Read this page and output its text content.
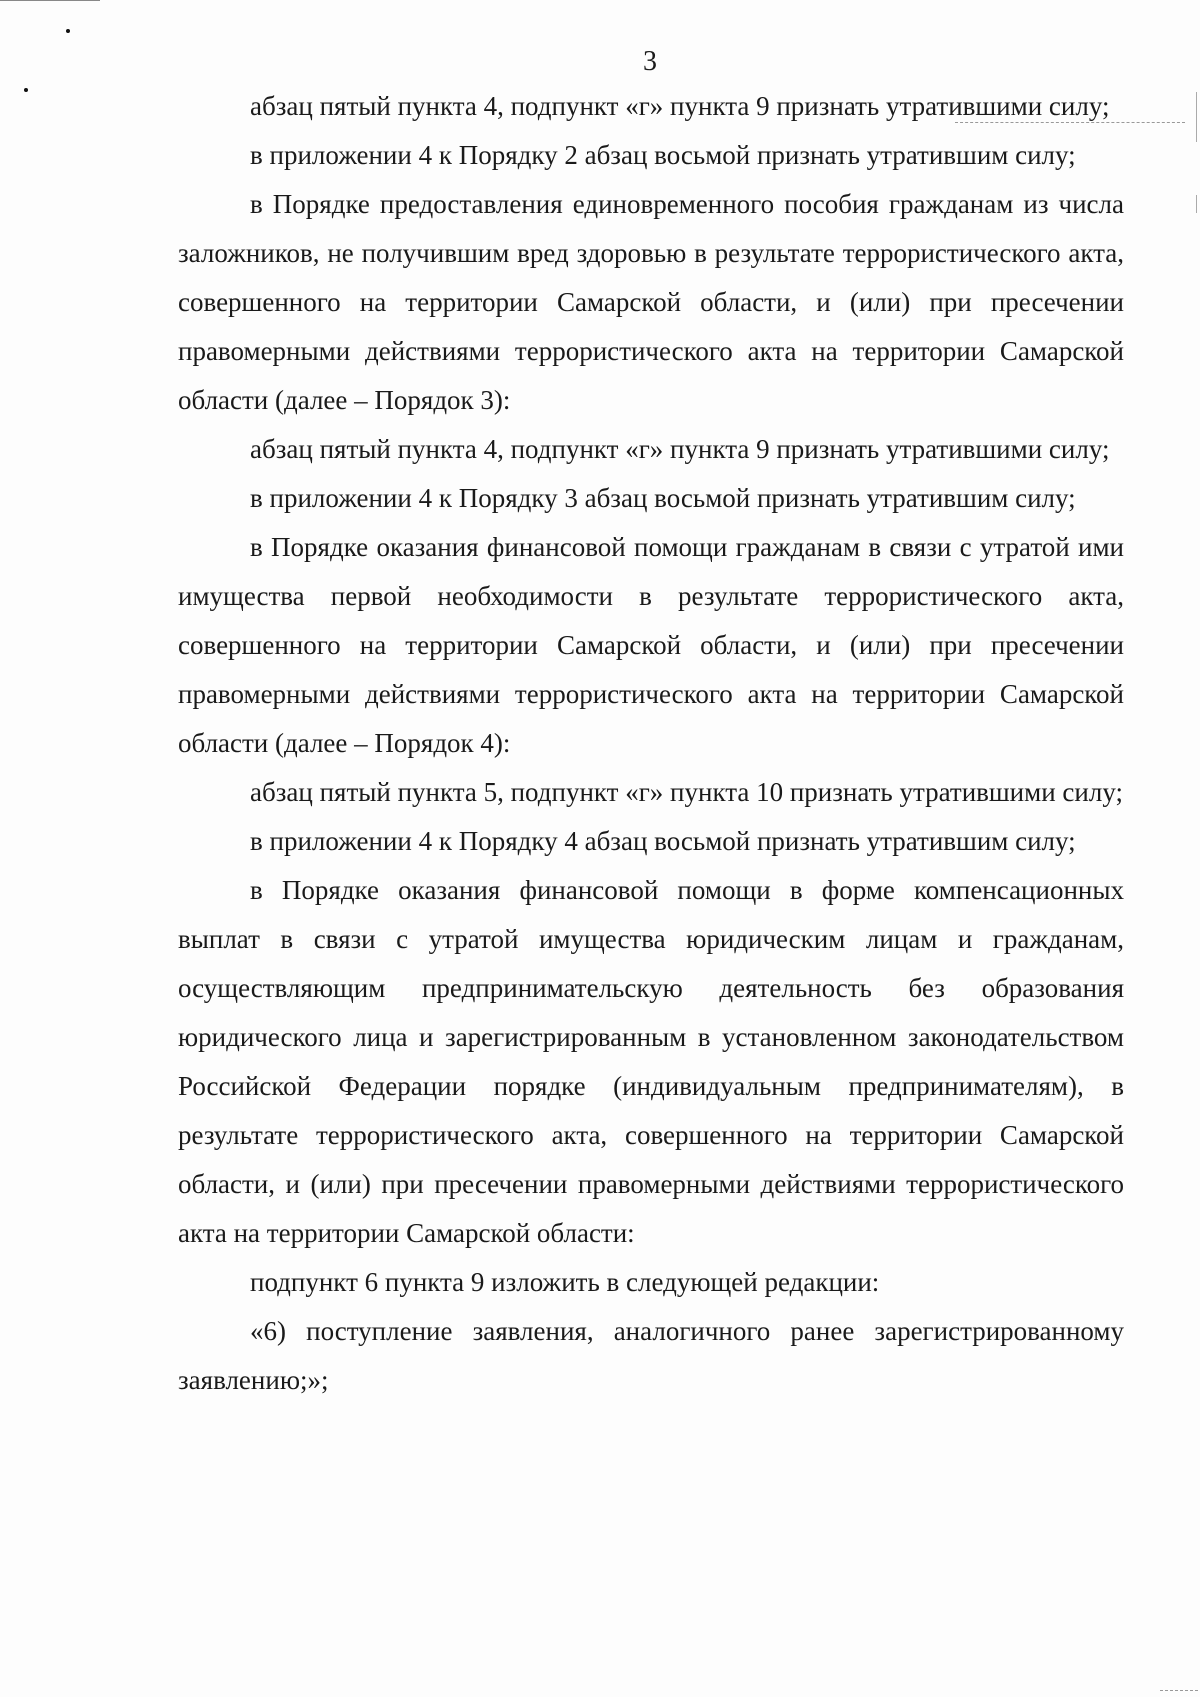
3

абзац пятый пункта 4, подпункт «г» пункта 9 признать утратившими силу;

в приложении 4 к Порядку 2 абзац восьмой признать утратившим силу;

в Порядке предоставления единовременного пособия гражданам из числа заложников, не получившим вред здоровью в результате террористического акта, совершенного на территории Самарской области, и (или) при пресечении правомерными действиями террористического акта на территории Самарской области (далее – Порядок 3):

абзац пятый пункта 4, подпункт «г» пункта 9 признать утратившими силу;

в приложении 4 к Порядку 3 абзац восьмой признать утратившим силу;

в Порядке оказания финансовой помощи гражданам в связи с утратой ими имущества первой необходимости в результате террористического акта, совершенного на территории Самарской области, и (или) при пресечении правомерными действиями террористического акта на территории Самарской области (далее – Порядок 4):

абзац пятый пункта 5, подпункт «г» пункта 10 признать утратившими силу;

в приложении 4 к Порядку 4 абзац восьмой признать утратившим силу;

в Порядке оказания финансовой помощи в форме компенсационных выплат в связи с утратой имущества юридическим лицам и гражданам, осуществляющим предпринимательскую деятельность без образования юридического лица и зарегистрированным в установленном законодательством Российской Федерации порядке (индивидуальным предпринимателям), в результате террористического акта, совершенного на территории Самарской области, и (или) при пресечении правомерными действиями террористического акта на территории Самарской области:

подпункт 6 пункта 9 изложить в следующей редакции:

«6) поступление заявления, аналогичного ранее зарегистрированному заявлению;»;
